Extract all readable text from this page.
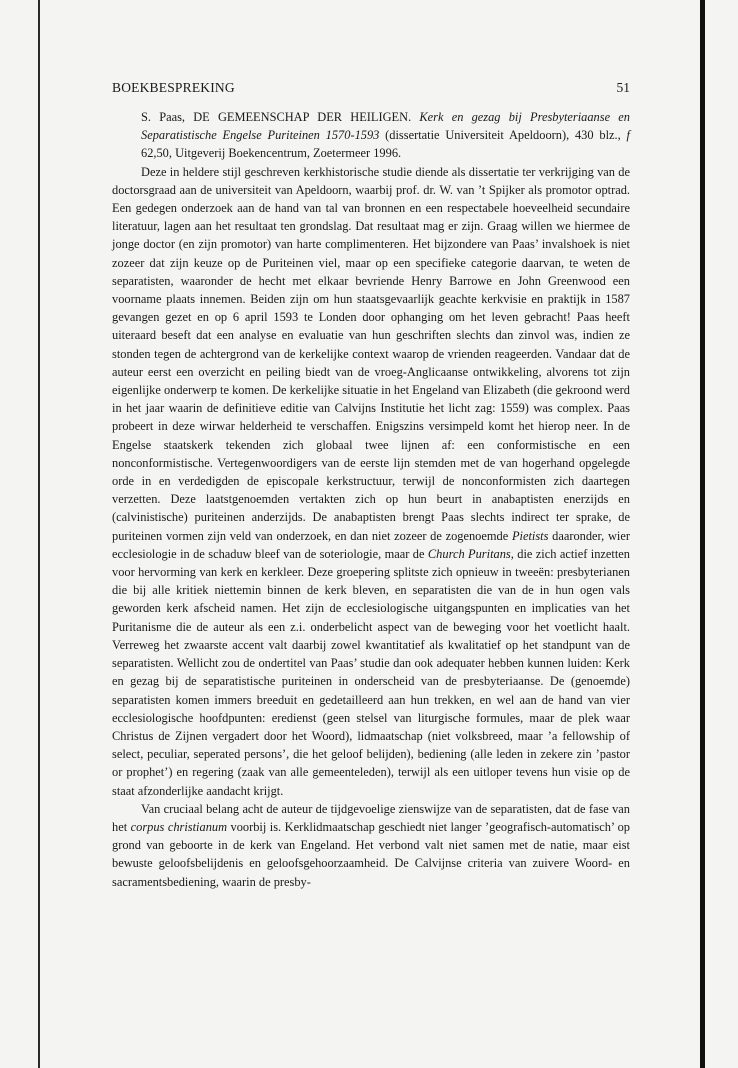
BOEKBESPREKING	51

S. Paas, DE GEMEENSCHAP DER HEILIGEN. Kerk en gezag bij Presbyteriaanse en Separatistische Engelse Puriteinen 1570-1593 (dissertatie Universiteit Apeldoorn), 430 blz., f 62,50, Uitgeverij Boekencentrum, Zoetermeer 1996.

Deze in heldere stijl geschreven kerkhistorische studie diende als dissertatie ter verkrijging van de doctorsgraad aan de universiteit van Apeldoorn, waarbij prof. dr. W. van ’t Spijker als promotor optrad. Een gedegen onderzoek aan de hand van tal van bronnen en een respectabele hoeveelheid secundaire literatuur, lagen aan het resultaat ten grondslag. Dat resultaat mag er zijn. Graag willen we hiermee de jonge doctor (en zijn promotor) van harte complimenteren. Het bijzondere van Paas’ invalshoek is niet zozeer dat zijn keuze op de Puriteinen viel, maar op een specifieke categorie daarvan, te weten de separatisten, waaronder de hecht met elkaar bevriende Henry Barrowe en John Greenwood een voorname plaats innemen. Beiden zijn om hun staatsgevaarlijk geachte kerkvisie en praktijk in 1587 gevangen gezet en op 6 april 1593 te Londen door ophanging om het leven gebracht! Paas heeft uiteraard beseft dat een analyse en evaluatie van hun geschriften slechts dan zinvol was, indien ze stonden tegen de achtergrond van de kerkelijke context waarop de vrienden reageerden. Vandaar dat de auteur eerst een overzicht en peiling biedt van de vroeg-Anglicaanse ontwikkeling, alvorens tot zijn eigenlijke onderwerp te komen. De kerkelijke situatie in het Engeland van Elizabeth (die gekroond werd in het jaar waarin de definitieve editie van Calvijns Institutie het licht zag: 1559) was complex. Paas probeert in deze wirwar helderheid te verschaffen. Enigszins versimpeld komt het hierop neer. In de Engelse staatskerk tekenden zich globaal twee lijnen af: een conformistische en een nonconformistische. Vertegenwoordigers van de eerste lijn stemden met de van hogerhand opgelegde orde in en verdedigden de episcopale kerkstructuur, terwijl de nonconformisten zich daartegen verzetten. Deze laatstgenoemden vertakten zich op hun beurt in anabaptisten enerzijds en (calvinistische) puriteinen anderzijds. De anabaptisten brengt Paas slechts indirect ter sprake, de puriteinen vormen zijn veld van onderzoek, en dan niet zozeer de zogenoemde Pietists daaronder, wier ecclesiologie in de schaduw bleef van de soteriologie, maar de Church Puritans, die zich actief inzetten voor hervorming van kerk en kerkleer. Deze groepering splitste zich opnieuw in tweeën: presbyterianen die bij alle kritiek niettemin binnen de kerk bleven, en separatisten die van de in hun ogen vals geworden kerk afscheid namen. Het zijn de ecclesiologische uitgangspunten en implicaties van het Puritanisme die de auteur als een z.i. onderbelicht aspect van de beweging voor het voetlicht haalt. Verreweg het zwaarste accent valt daarbij zowel kwantitatief als kwalitatief op het standpunt van de separatisten. Wellicht zou de ondertitel van Paas’ studie dan ook adequater hebben kunnen luiden: Kerk en gezag bij de separatistische puriteinen in onderscheid van de presbyteriaanse. De (genoemde) separatisten komen immers breeduit en gedetailleerd aan hun trekken, en wel aan de hand van vier ecclesiologische hoofdpunten: eredienst (geen stelsel van liturgische formules, maar de plek waar Christus de Zijnen vergadert door het Woord), lidmaatschap (niet volksbreed, maar ’a fellowship of select, peculiar, seperated persons’, die het geloof belijden), bediening (alle leden in zekere zin ’pastor or prophet’) en regering (zaak van alle gemeenteleden), terwijl als een uitloper tevens hun visie op de staat afzonderlijke aandacht krijgt.

Van cruciaal belang acht de auteur de tijdgevoelige zienswijze van de separatisten, dat de fase van het corpus christianum voorbij is. Kerklidmaatschap geschiedt niet langer ’geografisch-automatisch’ op grond van geboorte in de kerk van Engeland. Het verbond valt niet samen met de natie, maar eist bewuste geloofsbelijdenis en geloofsgehoorzaamheid. De Calvijnse criteria van zuivere Woord- en sacramentsbediening, waarin de presby-
